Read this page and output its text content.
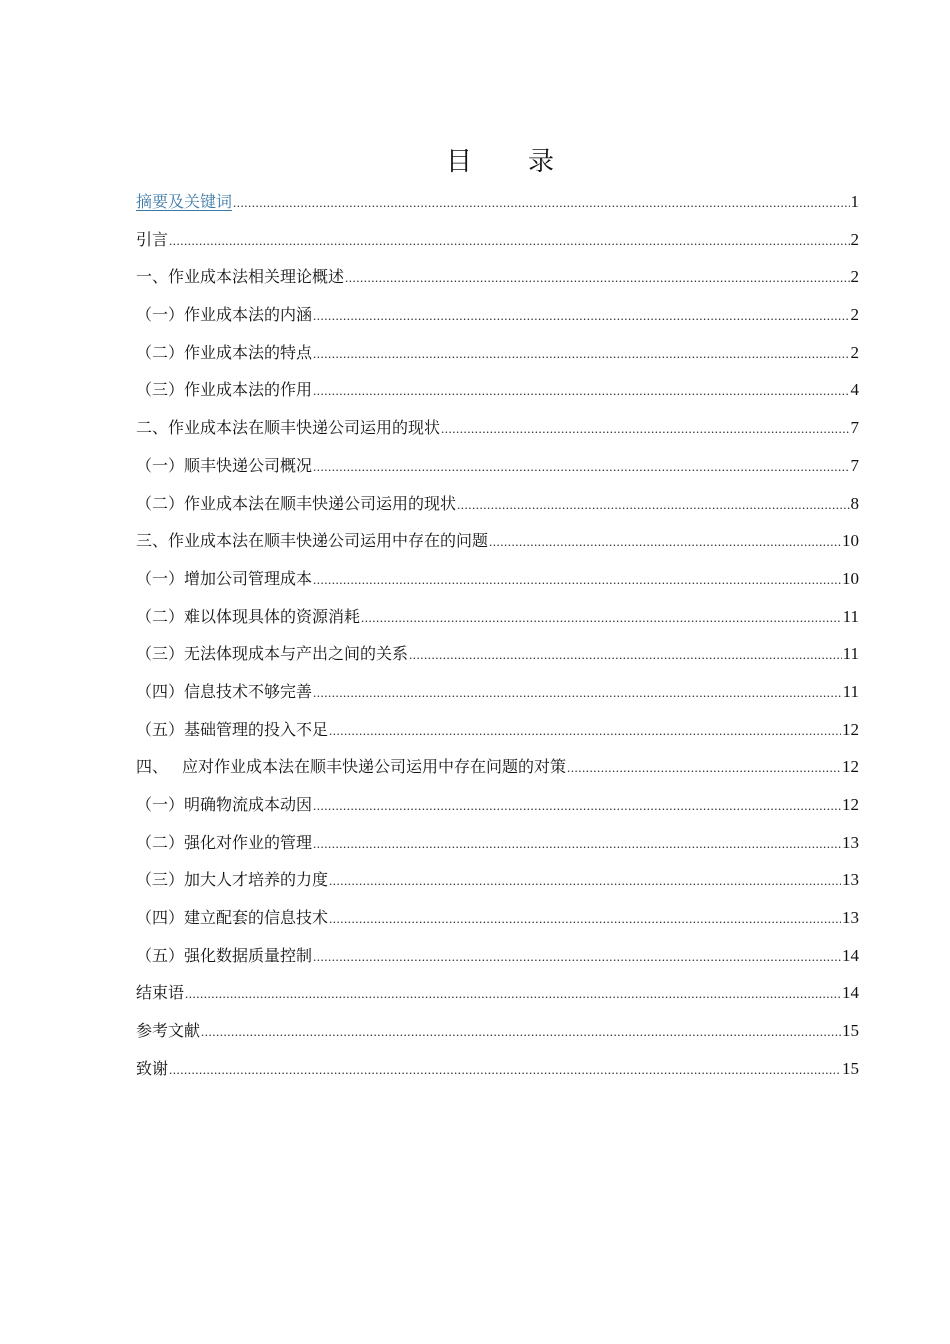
目 录
摘要及关键词 .....	1
引言 .....	2
一、作业成本法相关理论概述 .....	2
（一）作业成本法的内涵 .....	2
（二）作业成本法的特点 .....	2
（三）作业成本法的作用 .....	4
二、作业成本法在顺丰快递公司运用的现状 .....	7
（一）顺丰快递公司概况 .....	7
（二）作业成本法在顺丰快递公司运用的现状 .....	8
三、作业成本法在顺丰快递公司运用中存在的问题 .....	10
（一）增加公司管理成本 .....	10
（二）难以体现具体的资源消耗 .....	11
（三）无法体现成本与产出之间的关系 .....	11
（四）信息技术不够完善 .....	11
（五）基础管理的投入不足 .....	12
四、 应对作业成本法在顺丰快递公司运用中存在问题的对策 .....	12
（一）明确物流成本动因 .....	12
（二）强化对作业的管理 .....	13
（三）加大人才培养的力度 .....	13
（四）建立配套的信息技术 .....	13
（五）强化数据质量控制 .....	14
结束语 .....	14
参考文献 .....	15
致谢 .....	15
